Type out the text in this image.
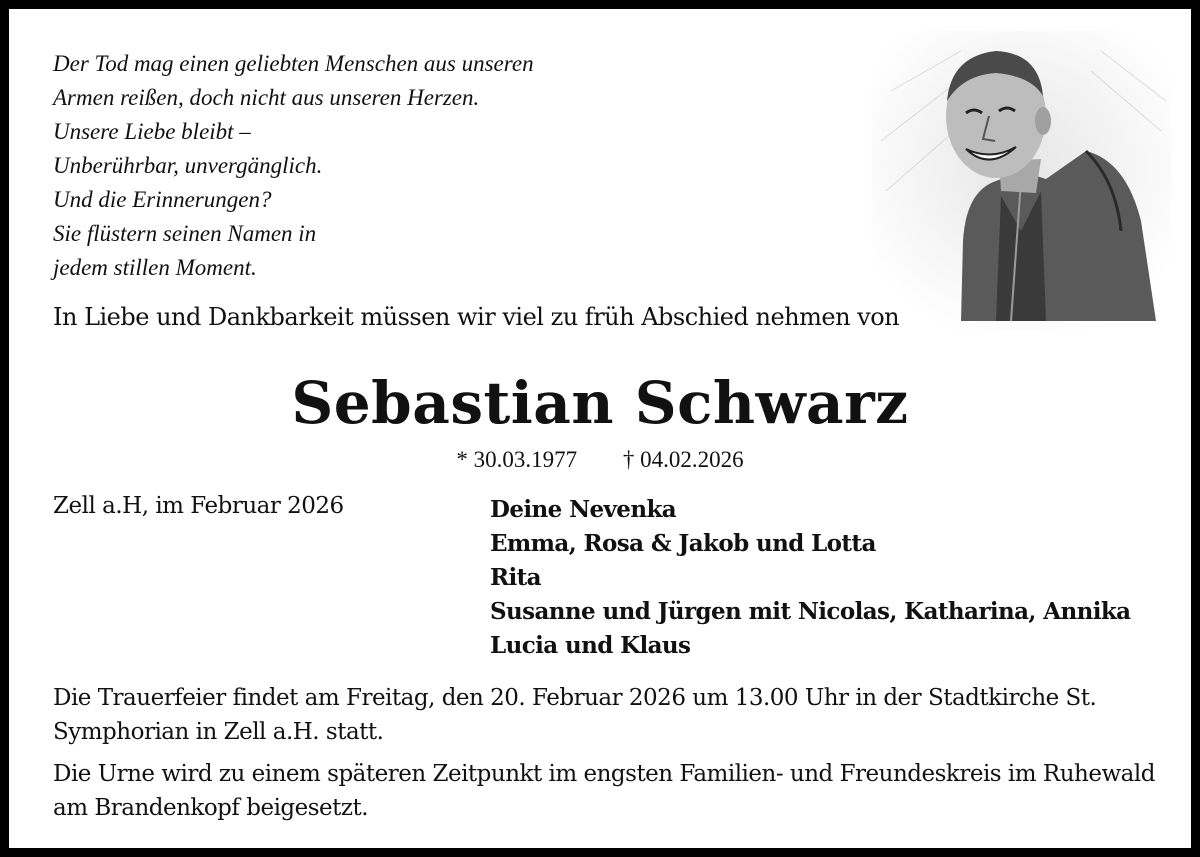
Der Tod mag einen geliebten Menschen aus unseren
Armen reißen, doch nicht aus unseren Herzen.
Unsere Liebe bleibt –
Unberührbar, unvergänglich.
Und die Erinnerungen?
Sie flüstern seinen Namen in
jedem stillen Moment.
In Liebe und Dankbarkeit müssen wir viel zu früh Abschied nehmen von
Sebastian Schwarz
* 30.03.1977 † 04.02.2026
Zell a.H, im Februar 2026	Deine Nevenka
Emma, Rosa & Jakob und Lotta
Rita
Susanne und Jürgen mit Nicolas, Katharina, Annika
Lucia und Klaus
Die Trauerfeier findet am Freitag, den 20. Februar 2026 um 13.00 Uhr in der Stadtkirche St. Symphorian in Zell a.H. statt.
Die Urne wird zu einem späteren Zeitpunkt im engsten Familien- und Freundeskreis im Ruhewald am Brandenkopf beigesetzt.
